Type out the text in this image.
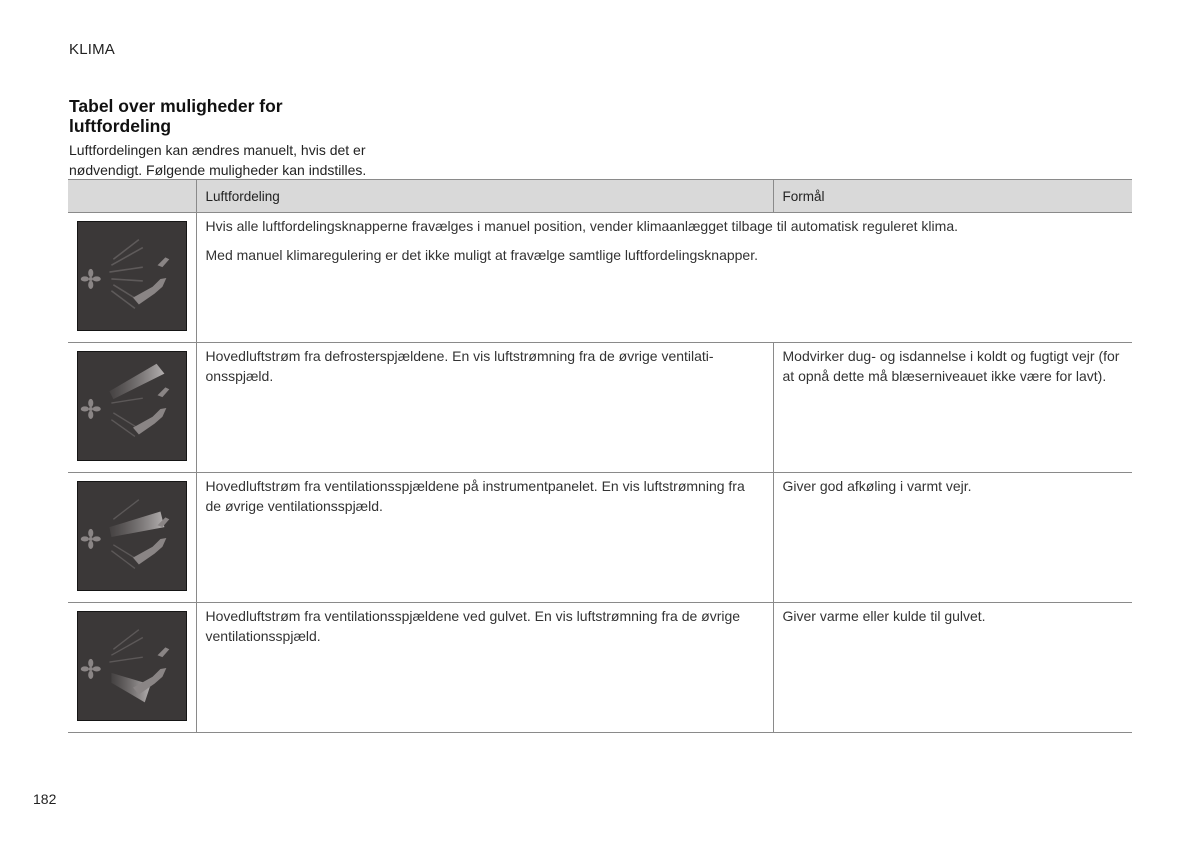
KLIMA
Tabel over muligheder for luftfordeling
Luftfordelingen kan ændres manuelt, hvis det er nødvendigt. Følgende muligheder kan indstilles.
	Luftfordeling	Formål

Hvis alle luftfordelingsknapperne fravælges i manuel position, vender klimaanlægget tilbage til automatisk reguleret klima.

Med manuel klimaregulering er det ikke muligt at fravælge samtlige luftfordelingsknapper.	

Hovedluftstrøm fra defrosterspjældene. En vis luftstrømning fra de øvrige ventilationsspjæld.	Modvirker dug- og isdannelse i koldt og fugtigt vejr (for at opnå dette må blæserniveauet ikke være for lavt).

Hovedluftstrøm fra ventilationsspjældene på instrumentpanelet. En vis luftstrømning fra de øvrige ventilationsspjæld.	Giver god afkøling i varmt vejr.

Hovedluftstrøm fra ventilationsspjældene ved gulvet. En vis luftstrømning fra de øvrige ventilationsspjæld.	Giver varme eller kulde til gulvet.

182
